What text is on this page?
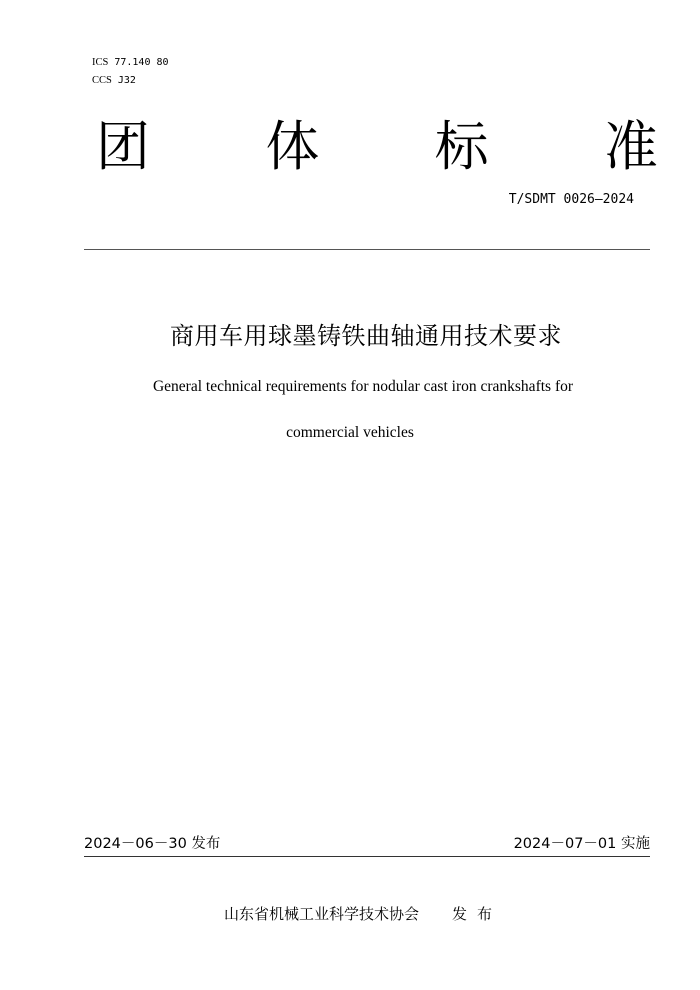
ICS 77.140 80
CCS J32
团 体 标 准
T/SDMT 0026—2024
商用车用球墨铸铁曲轴通用技术要求
General technical requirements for nodular cast iron crankshafts for
commercial vehicles
2024－06－30 发布	2024－07－01 实施
山东省机械工业科学技术协会 发布
